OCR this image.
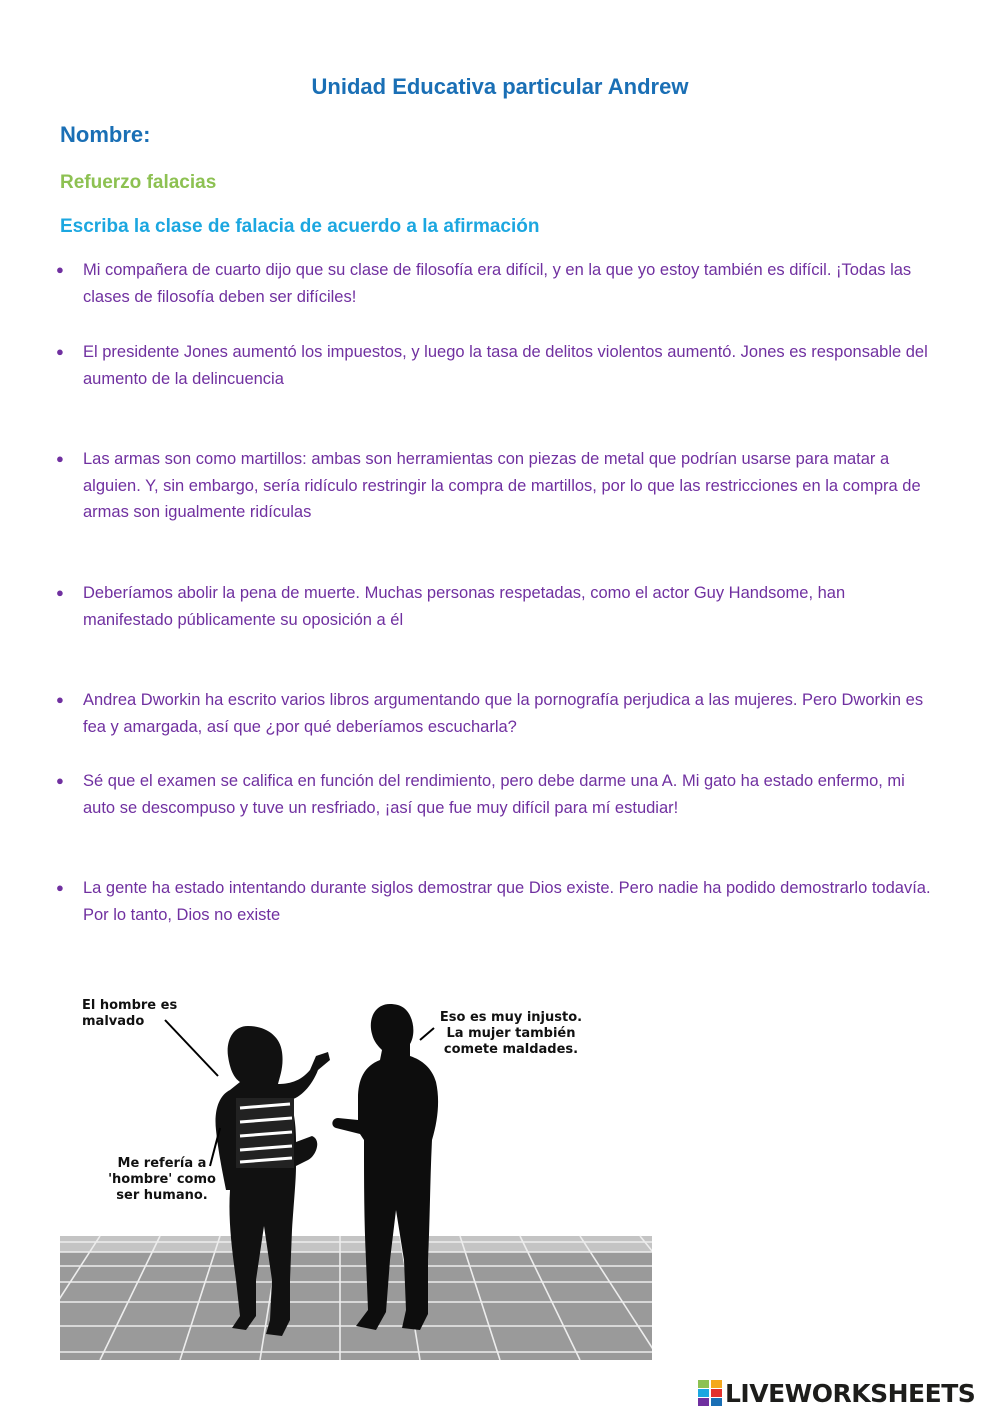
Unidad Educativa particular Andrew
Nombre:
Refuerzo falacias
Escriba la clase de falacia de acuerdo a la afirmación
●	Mi compañera de cuarto dijo que su clase de filosofía era difícil, y en la que yo estoy también es difícil. ¡Todas las clases de filosofía deben ser difíciles!
●	El presidente Jones aumentó los impuestos, y luego la tasa de delitos violentos aumentó. Jones es responsable del aumento de la delincuencia
●	Las armas son como martillos: ambas son herramientas con piezas de metal que podrían usarse para matar a alguien. Y, sin embargo, sería ridículo restringir la compra de martillos, por lo que las restricciones en la compra de armas son igualmente ridículas
●	Deberíamos abolir la pena de muerte. Muchas personas respetadas, como el actor Guy Handsome, han manifestado públicamente su oposición a él
●	Andrea Dworkin ha escrito varios libros argumentando que la pornografía perjudica a las mujeres. Pero Dworkin es fea y amargada, así que ¿por qué deberíamos escucharla?
●	Sé que el examen se califica en función del rendimiento, pero debe darme una A. Mi gato ha estado enfermo, mi auto se descompuso y tuve un resfriado, ¡así que fue muy difícil para mí estudiar!
●	La gente ha estado intentando durante siglos demostrar que Dios existe. Pero nadie ha podido demostrarlo todavía. Por lo tanto, Dios no existe
El hombre es malvado	Eso es muy injusto. La mujer también comete maldades.
Me refería a 'hombre' como ser humano.
LIVEWORKSHEETS
